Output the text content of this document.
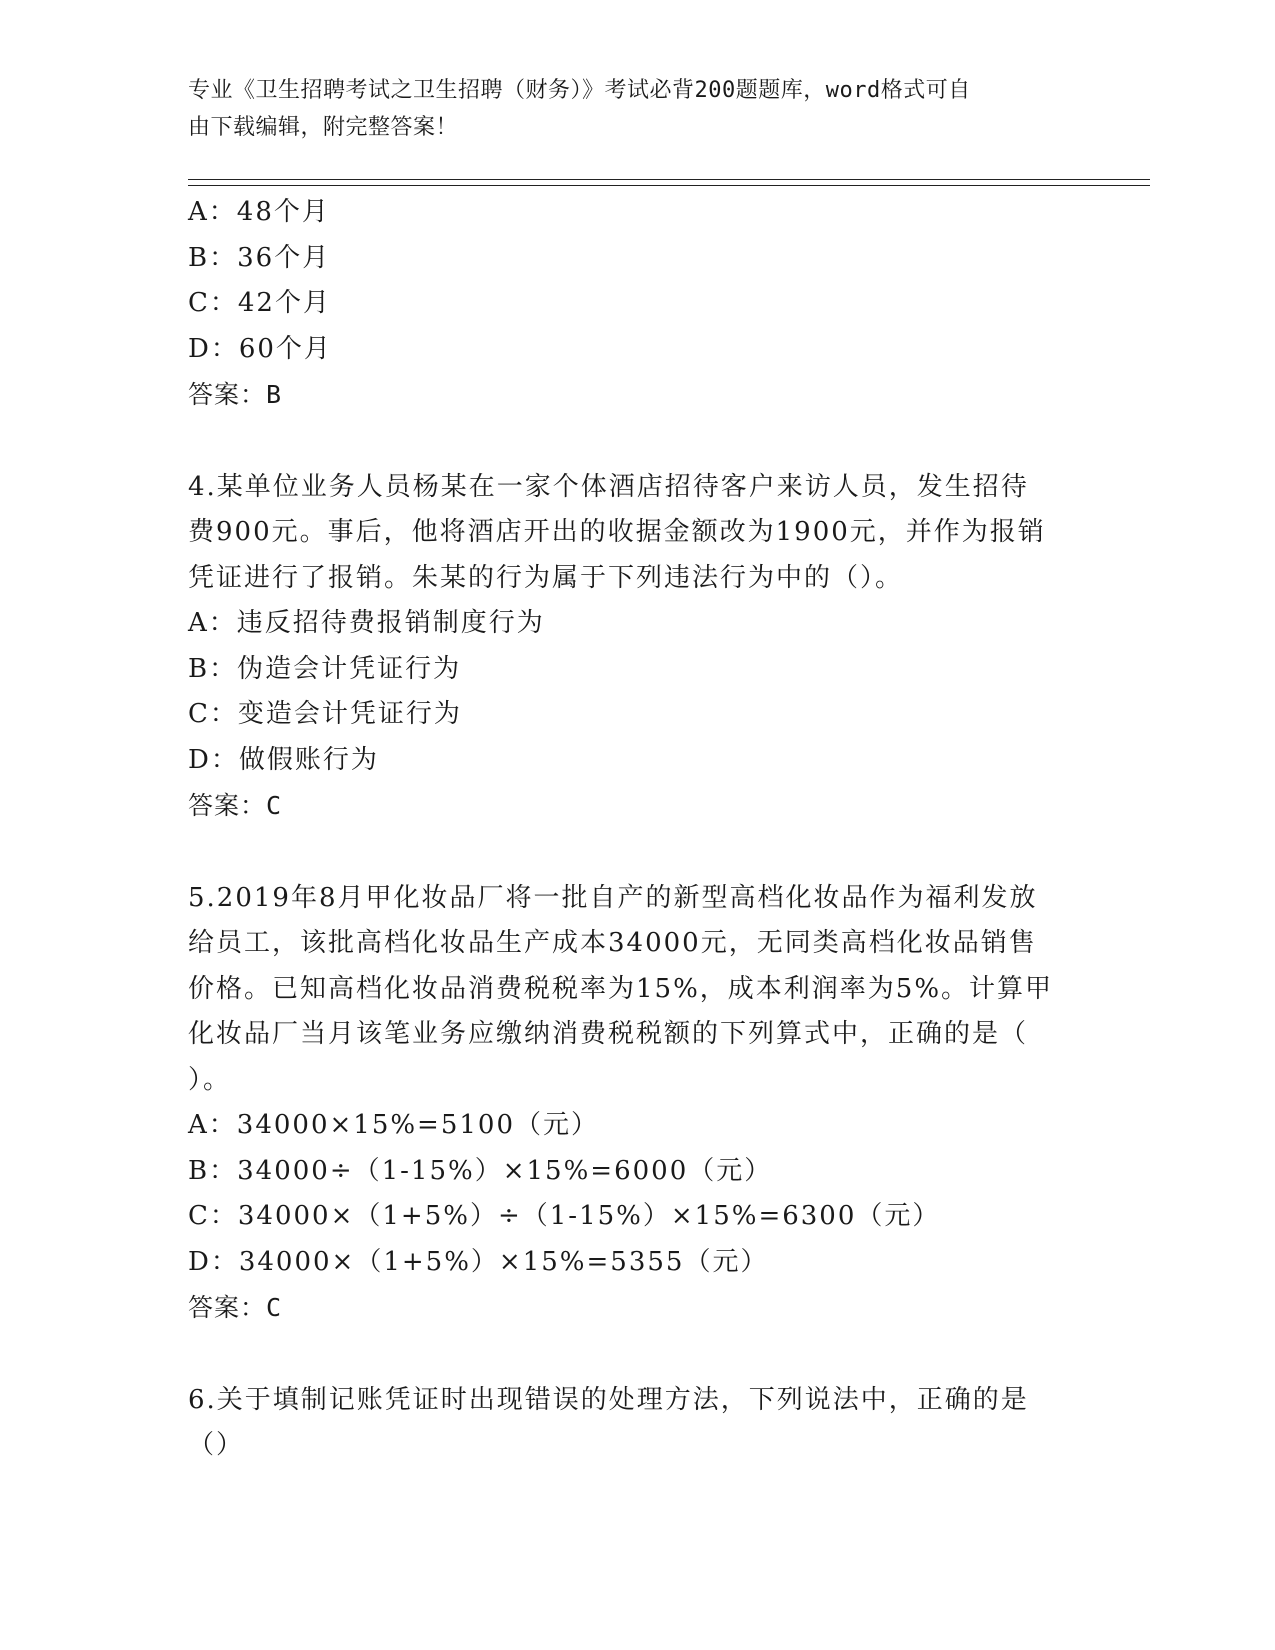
专业《卫生招聘考试之卫生招聘（财务）》考试必背200题题库，word格式可自
由下载编辑，附完整答案！
A：48个月
B：36个月
C：42个月
D：60个月
答案：B
4.某单位业务人员杨某在一家个体酒店招待客户来访人员，发生招待
费900元。事后，他将酒店开出的收据金额改为1900元，并作为报销
凭证进行了报销。朱某的行为属于下列违法行为中的（）。
A：违反招待费报销制度行为
B：伪造会计凭证行为
C：变造会计凭证行为
D：做假账行为
答案：C
5.2019年8月甲化妆品厂将一批自产的新型高档化妆品作为福利发放
给员工，该批高档化妆品生产成本34000元，无同类高档化妆品销售
价格。已知高档化妆品消费税税率为15%，成本利润率为5%。计算甲
化妆品厂当月该笔业务应缴纳消费税税额的下列算式中，正确的是（
）。
A：34000×15%=5100（元）
B：34000÷（1-15%）×15%=6000（元）
C：34000×（1+5%）÷（1-15%）×15%=6300（元）
D：34000×（1+5%）×15%=5355（元）
答案：C
6.关于填制记账凭证时出现错误的处理方法，下列说法中，正确的是
（）
